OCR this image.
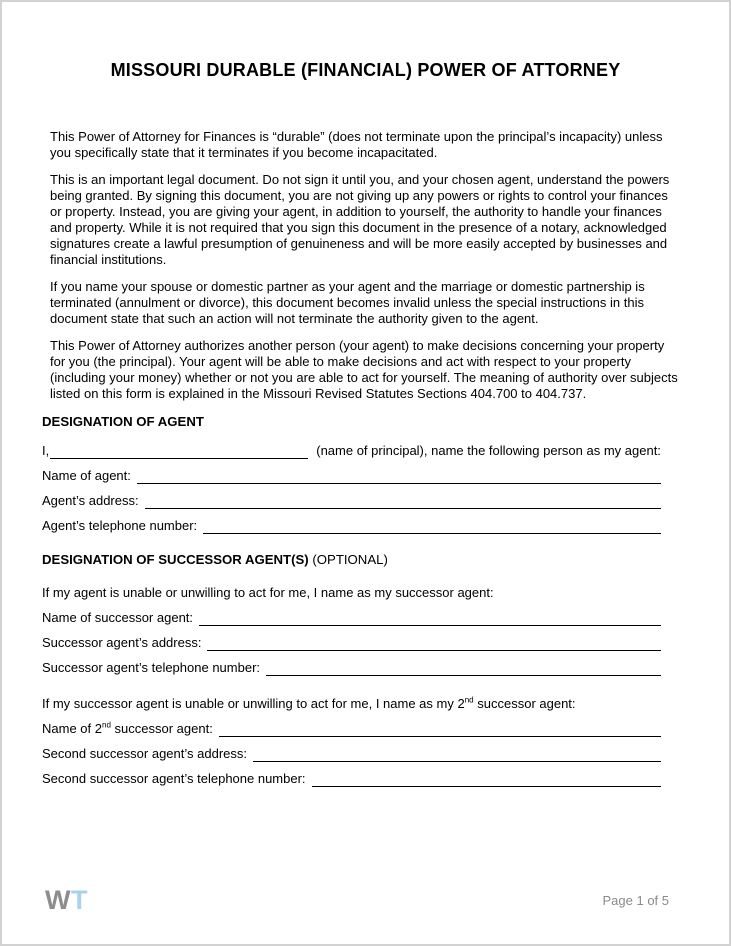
MISSOURI DURABLE (FINANCIAL) POWER OF ATTORNEY

This Power of Attorney for Finances is “durable” (does not terminate upon the principal’s incapacity) unless you specifically state that it terminates if you become incapacitated.

This is an important legal document. Do not sign it until you, and your chosen agent, understand the powers being granted. By signing this document, you are not giving up any powers or rights to control your finances or property. Instead, you are giving your agent, in addition to yourself, the authority to handle your finances and property. While it is not required that you sign this document in the presence of a notary, acknowledged signatures create a lawful presumption of genuineness and will be more easily accepted by businesses and financial institutions.

If you name your spouse or domestic partner as your agent and the marriage or domestic partnership is terminated (annulment or divorce), this document becomes invalid unless the special instructions in this document state that such an action will not terminate the authority given to the agent.

This Power of Attorney authorizes another person (your agent) to make decisions concerning your property for you (the principal). Your agent will be able to make decisions and act with respect to your property (including your money) whether or not you are able to act for yourself. The meaning of authority over subjects listed on this form is explained in the Missouri Revised Statutes Sections 404.700 to 404.737.

DESIGNATION OF AGENT
I,	(name of principal), name the following person as my agent:
Name of agent:
Agent’s address:
Agent’s telephone number:
DESIGNATION OF SUCCESSOR AGENT(S) (OPTIONAL)
If my agent is unable or unwilling to act for me, I name as my successor agent:
Name of successor agent:
Successor agent’s address:
Successor agent’s telephone number:
If my successor agent is unable or unwilling to act for me, I name as my 2nd successor agent:
Name of 2nd successor agent:
Second successor agent’s address:
Second successor agent’s telephone number:
WT	Page 1 of 5
